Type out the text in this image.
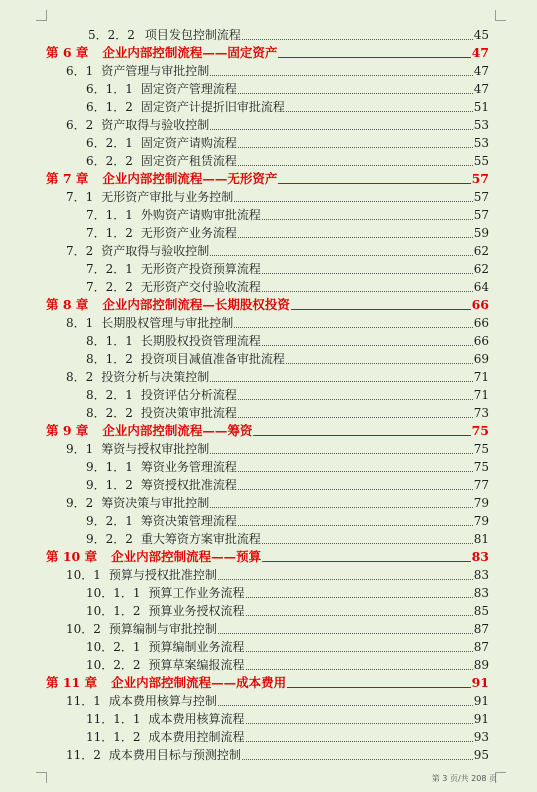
5．2．2 项目发包控制流程	45
第 6 章 企业内部控制流程——固定资产	47
6．1 资产管理与审批控制	47
6．1．1 固定资产管理流程	47
6．1．2 固定资产计提折旧审批流程	51
6．2 资产取得与验收控制	53
6．2．1 固定资产请购流程	53
6．2．2 固定资产租赁流程	55
第 7 章 企业内部控制流程——无形资产	57
7．1 无形资产审批与业务控制	57
7．1．1 外购资产请购审批流程	57
7．1．2 无形资产业务流程	59
7．2 资产取得与验收控制	62
7．2．1 无形资产投资预算流程	62
7．2．2 无形资产交付验收流程	64
第 8 章 企业内部控制流程—长期股权投资	66
8．1 长期股权管理与审批控制	66
8．1．1 长期股权投资管理流程	66
8．1．2 投资项目减值准备审批流程	69
8．2 投资分析与决策控制	71
8．2．1 投资评估分析流程	71
8．2．2 投资决策审批流程	73
第 9 章 企业内部控制流程——筹资	75
9．1 筹资与授权审批控制	75
9．1．1 筹资业务管理流程	75
9．1．2 筹资授权批准流程	77
9．2 筹资决策与审批控制	79
9．2．1 筹资决策管理流程	79
9．2．2 重大筹资方案审批流程	81
第 10 章 企业内部控制流程——预算	83
10．1 预算与授权批准控制	83
10．1．1 预算工作业务流程	83
10．1．2 预算业务授权流程	85
10．2 预算编制与审批控制	87
10．2．1 预算编制业务流程	87
10．2．2 预算草案编报流程	89
第 11 章 企业内部控制流程——成本费用	91
11．1 成本费用核算与控制	91
11．1．1 成本费用核算流程	91
11．1．2 成本费用控制流程	93
11．2 成本费用目标与预测控制	95
第 3 页/共 208 页
